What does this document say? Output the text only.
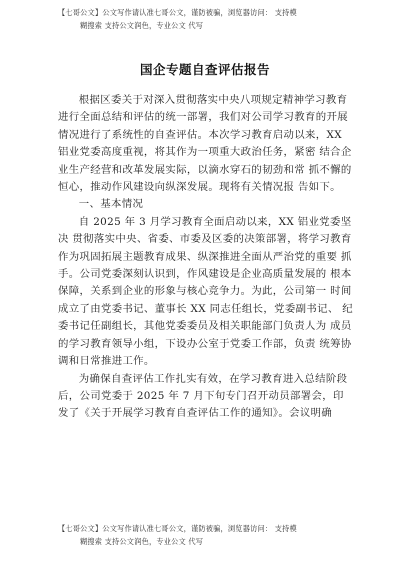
【七哥公文】公文写作请认准七哥公文，谨防被骗，浏览器访问： 支持模
糊搜索 支持公文润色，专业公文 代写
国企专题自查评估报告

根据区委关于对深入贯彻落实中央八项规定精神学习教育进行全面总结和评估的统一部署，我们对公司学习教育的开展情况进行了系统性的自查评估。本次学习教育启动以来，XX 铝业党委高度重视，将其作为一项重大政治任务，紧密 结合企业生产经营和改革发展实际，以滴水穿石的韧劲和常 抓不懈的恒心，推动作风建设向纵深发展。现将有关情况报 告如下。

一、基本情况

自 2025 年 3 月学习教育全面启动以来，XX 铝业党委坚决 贯彻落实中央、省委、市委及区委的决策部署，将学习教育 作为巩固拓展主题教育成果、纵深推进全面从严治党的重要 抓手。公司党委深刻认识到，作风建设是企业高质量发展的 根本保障，关系到企业的形象与核心竞争力。为此，公司第一 时间成立了由党委书记、董事长 XX 同志任组长，党委副书记、 纪委书记任副组长，其他党委委员及相关职能部门负责人为 成员的学习教育领导小组，下设办公室于党委工作部，负责 统筹协调和日常推进工作。

为确保自查评估工作扎实有效，在学习教育进入总结阶段后，公司党委于 2025 年 7 月下旬专门召开动员部署会，印 发了《关于开展学习教育自查评估工作的通知》。会议明确

【七哥公文】公文写作请认准七哥公文，谨防被骗，浏览器访问： 支持模
糊搜索 支持公文润色，专业公文 代写
